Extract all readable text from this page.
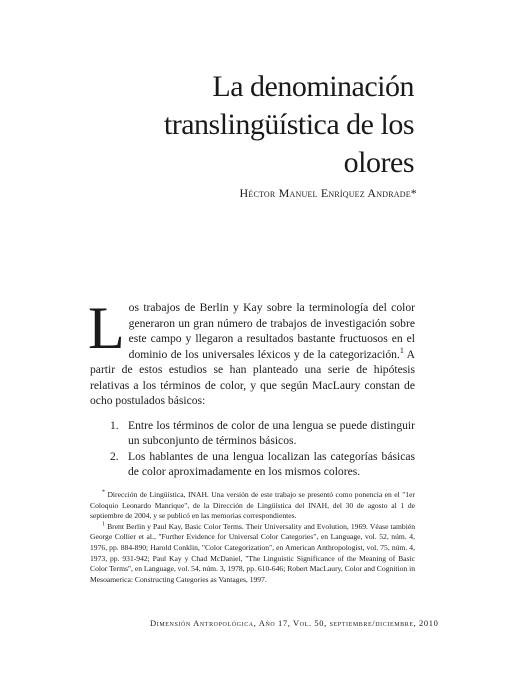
La denominación
translingüística de los
olores
Héctor Manuel Enríquez Andrade*
L os trabajos de Berlin y Kay sobre la terminología del color generaron un gran número de trabajos de investigación sobre este campo y llegaron a resultados bastante fructuosos en el dominio de los universales léxicos y de la categorización.$^1$ A partir de estos estudios se han planteado una serie de hipótesis relativas a los términos de color, y que según MacLaury constan de ocho postulados básicos:

1. Entre los términos de color de una lengua se puede distinguir un subconjunto de términos básicos.
2. Los hablantes de una lengua localizan las categorías básicas de color aproximadamente en los mismos colores.

* Dirección de Lingüística, INAH. Una versión de este trabajo se presentó como ponencia en el "1er Coloquio Leonardo Manrique", de la Dirección de Lingüística del INAH, del 30 de agosto al 1 de septiembre de 2004, y se publicó en las memorias correspondientes.

$^1$ Brent Berlin y Paul Kay, Basic Color Terms. Their Universality and Evolution, 1969. Véase también George Collier et al., "Further Evidence for Universal Color Categories", en Language, vol. 52, núm. 4, 1976, pp. 884-890; Harold Conklin, "Color Categorization", en American Anthropologist, vol. 75, núm. 4, 1973, pp. 931-942; Paul Kay y Chad McDaniel, "The Linguistic Significance of the Meaning of Basic Color Terms", en Language, vol. 54, núm. 3, 1978, pp. 610-646; Robert MacLaury, Color and Cognition in Mesoamerica: Constructing Categories as Vantages, 1997.

Dimensión Antropológica, Año 17, Vol. 50, septiembre/diciembre, 2010
